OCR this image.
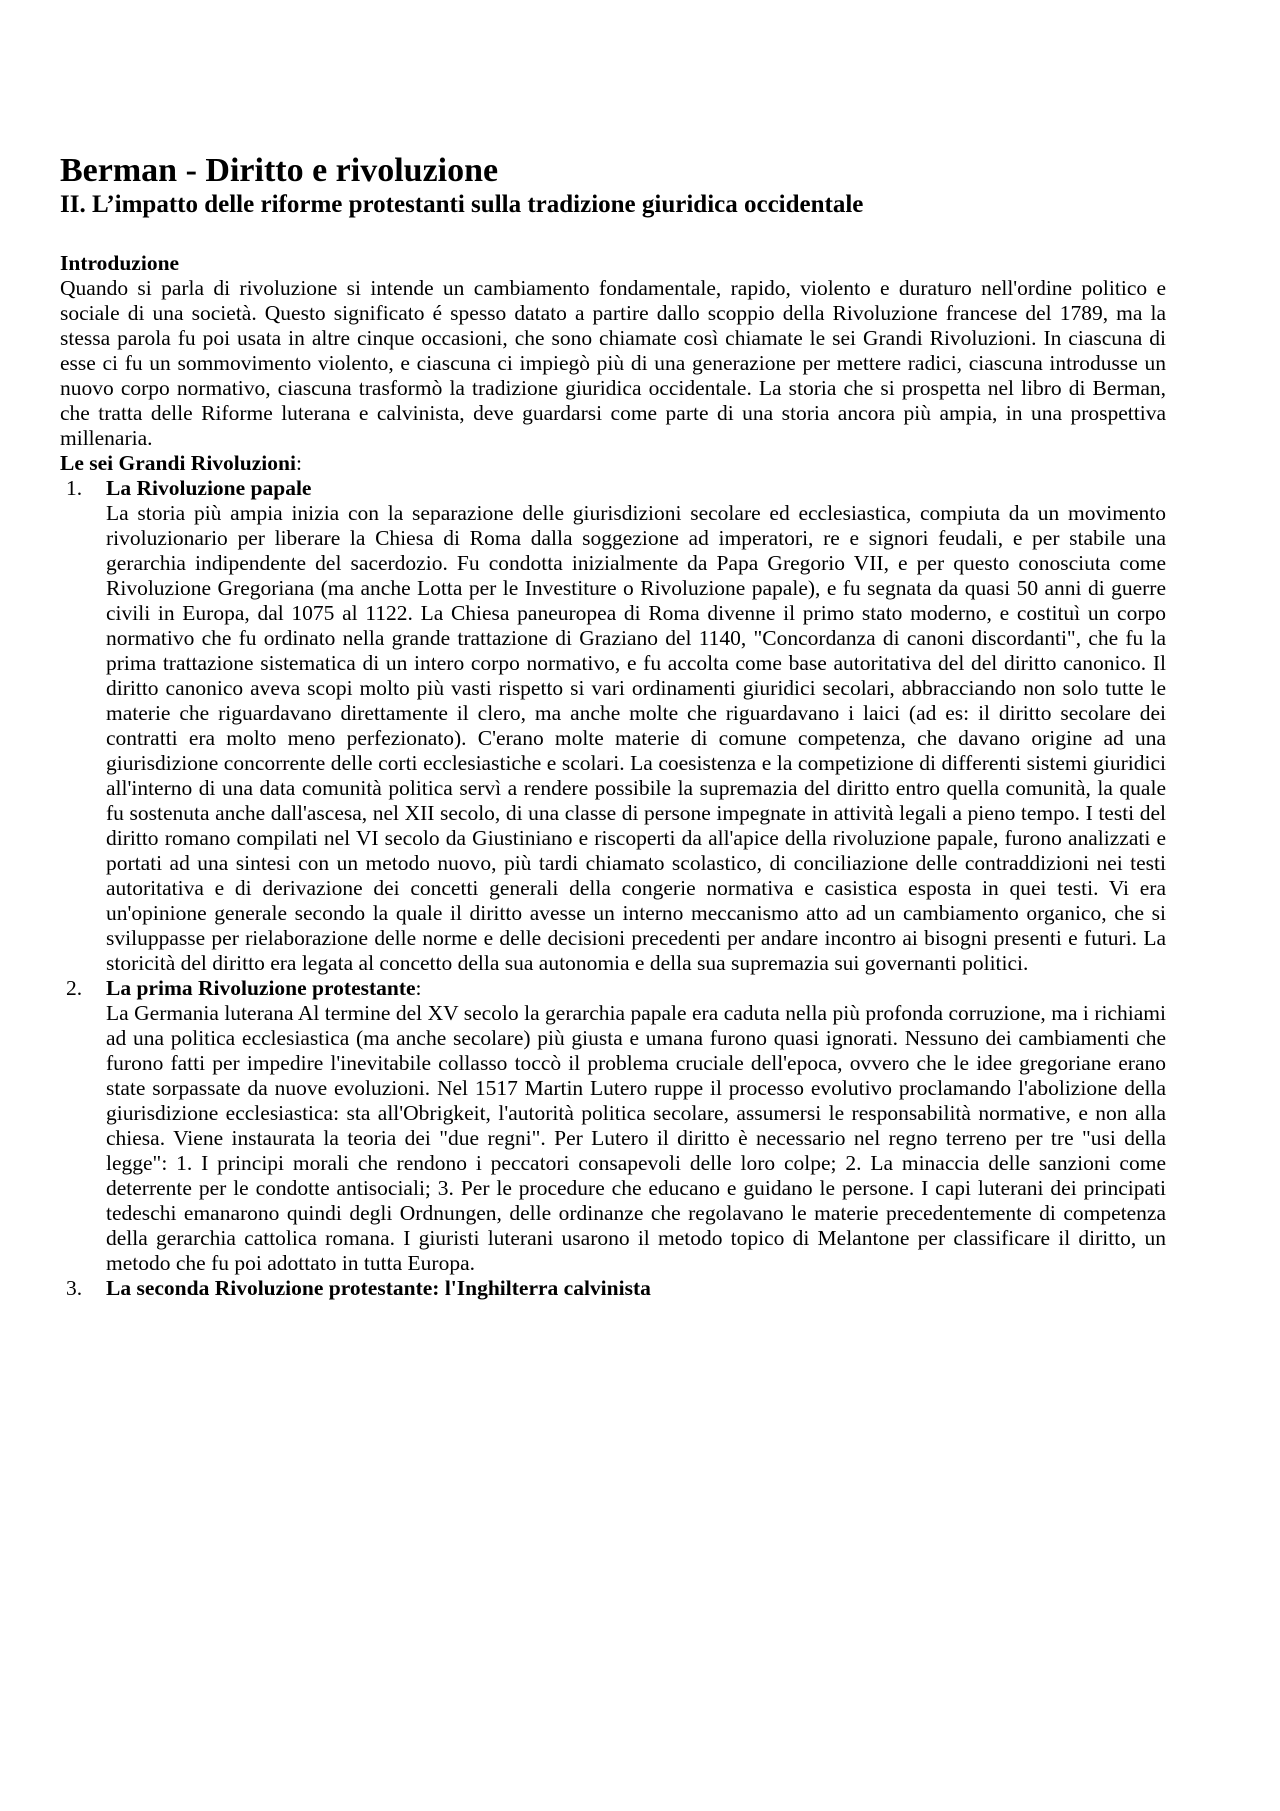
Berman - Diritto e rivoluzione
II. L’impatto delle riforme protestanti sulla tradizione giuridica occidentale
Introduzione

Quando si parla di rivoluzione si intende un cambiamento fondamentale, rapido, violento e duraturo nell'ordine politico e sociale di una società. Questo significato é spesso datato a partire dallo scoppio della Rivoluzione francese del 1789, ma la stessa parola fu poi usata in altre cinque occasioni, che sono chiamate così chiamate le sei Grandi Rivoluzioni. In ciascuna di esse ci fu un sommovimento violento, e ciascuna ci impiegò più di una generazione per mettere radici, ciascuna introdusse un nuovo corpo normativo, ciascuna trasformò la tradizione giuridica occidentale. La storia che si prospetta nel libro di Berman, che tratta delle Riforme luterana e calvinista, deve guardarsi come parte di una storia ancora più ampia, in una prospettiva millenaria.

Le sei Grandi Rivoluzioni:
1. La Rivoluzione papale
La storia più ampia inizia con la separazione delle giurisdizioni secolare ed ecclesiastica, compiuta da un movimento rivoluzionario per liberare la Chiesa di Roma dalla soggezione ad imperatori, re e signori feudali, e per stabile una gerarchia indipendente del sacerdozio. Fu condotta inizialmente da Papa Gregorio VII, e per questo conosciuta come Rivoluzione Gregoriana (ma anche Lotta per le Investiture o Rivoluzione papale), e fu segnata da quasi 50 anni di guerre civili in Europa, dal 1075 al 1122. La Chiesa paneuropea di Roma divenne il primo stato moderno, e costituì un corpo normativo che fu ordinato nella grande trattazione di Graziano del 1140, "Concordanza di canoni discordanti", che fu la prima trattazione sistematica di un intero corpo normativo, e fu accolta come base autoritativa del del diritto canonico. Il diritto canonico aveva scopi molto più vasti rispetto si vari ordinamenti giuridici secolari, abbracciando non solo tutte le materie che riguardavano direttamente il clero, ma anche molte che riguardavano i laici (ad es: il diritto secolare dei contratti era molto meno perfezionato). C'erano molte materie di comune competenza, che davano origine ad una giurisdizione concorrente delle corti ecclesiastiche e scolari. La coesistenza e la competizione di differenti sistemi giuridici all'interno di una data comunità politica servì a rendere possibile la supremazia del diritto entro quella comunità, la quale fu sostenuta anche dall'ascesa, nel XII secolo, di una classe di persone impegnate in attività legali a pieno tempo. I testi del diritto romano compilati nel VI secolo da Giustiniano e riscoperti da all'apice della rivoluzione papale, furono analizzati e portati ad una sintesi con un metodo nuovo, più tardi chiamato scolastico, di conciliazione delle contraddizioni nei testi autoritativa e di derivazione dei concetti generali della congerie normativa e casistica esposta in quei testi. Vi era un'opinione generale secondo la quale il diritto avesse un interno meccanismo atto ad un cambiamento organico, che si sviluppasse per rielaborazione delle norme e delle decisioni precedenti per andare incontro ai bisogni presenti e futuri. La storicità del diritto era legata al concetto della sua autonomia e della sua supremazia sui governanti politici.
2. La prima Rivoluzione protestante:
La Germania luterana Al termine del XV secolo la gerarchia papale era caduta nella più profonda corruzione, ma i richiami ad una politica ecclesiastica (ma anche secolare) più giusta e umana furono quasi ignorati. Nessuno dei cambiamenti che furono fatti per impedire l'inevitabile collasso toccò il problema cruciale dell'epoca, ovvero che le idee gregoriane erano state sorpassate da nuove evoluzioni. Nel 1517 Martin Lutero ruppe il processo evolutivo proclamando l'abolizione della giurisdizione ecclesiastica: sta all'Obrigkeit, l'autorità politica secolare, assumersi le responsabilità normative, e non alla chiesa. Viene instaurata la teoria dei "due regni". Per Lutero il diritto è necessario nel regno terreno per tre "usi della legge": 1. I principi morali che rendono i peccatori consapevoli delle loro colpe; 2. La minaccia delle sanzioni come deterrente per le condotte antisociali; 3. Per le procedure che educano e guidano le persone. I capi luterani dei principati tedeschi emanarono quindi degli Ordnungen, delle ordinanze che regolavano le materie precedentemente di competenza della gerarchia cattolica romana. I giuristi luterani usarono il metodo topico di Melantone per classificare il diritto, un metodo che fu poi adottato in tutta Europa.
3. La seconda Rivoluzione protestante: l'Inghilterra calvinista
